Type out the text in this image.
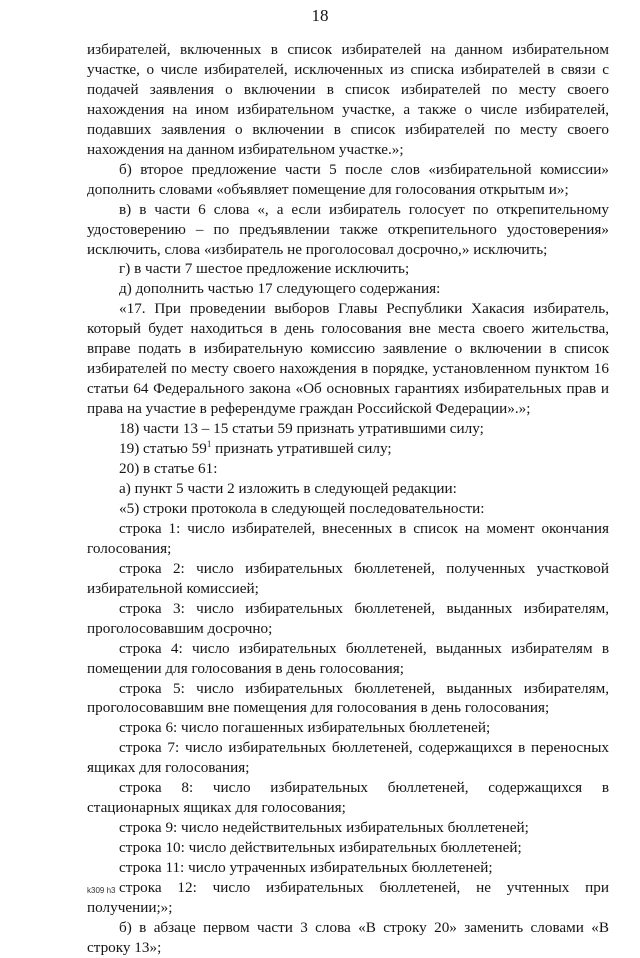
18

избирателей, включенных в список избирателей на данном избирательном участке, о числе избирателей, исключенных из списка избирателей в связи с подачей заявления о включении в список избирателей по месту своего нахождения на ином избирательном участке, а также о числе избирателей, подавших заявления о включении в список избирателей по месту своего нахождения на данном избирательном участке.»;

б) второе предложение части 5 после слов «избирательной комиссии» дополнить словами «объявляет помещение для голосования открытым и»;

в) в части 6 слова «, а если избиратель голосует по открепительному удостоверению – по предъявлении также открепительного удостоверения» исключить, слова «избиратель не проголосовал досрочно,» исключить;

г) в части 7 шестое предложение исключить;

д) дополнить частью 17 следующего содержания:

«17. При проведении выборов Главы Республики Хакасия избиратель, который будет находиться в день голосования вне места своего жительства, вправе подать в избирательную комиссию заявление о включении в список избирателей по месту своего нахождения в порядке, установленном пунктом 16 статьи 64 Федерального закона «Об основных гарантиях избирательных прав и права на участие в референдуме граждан Российской Федерации».»;

18) части 13 – 15 статьи 59 признать утратившими силу;

19) статью $59^1$ признать утратившей силу;

20) в статье 61:

а) пункт 5 части 2 изложить в следующей редакции:

«5) строки протокола в следующей последовательности:

строка 1: число избирателей, внесенных в список на момент окончания голосования;

строка 2: число избирательных бюллетеней, полученных участковой избирательной комиссией;

строка 3: число избирательных бюллетеней, выданных избирателям, проголосовавшим досрочно;

строка 4: число избирательных бюллетеней, выданных избирателям в помещении для голосования в день голосования;

строка 5: число избирательных бюллетеней, выданных избирателям, проголосовавшим вне помещения для голосования в день голосования;

строка 6: число погашенных избирательных бюллетеней;

строка 7: число избирательных бюллетеней, содержащихся в переносных ящиках для голосования;

строка 8: число избирательных бюллетеней, содержащихся в стационарных ящиках для голосования;

строка 9: число недействительных избирательных бюллетеней;

строка 10: число действительных избирательных бюллетеней;

строка 11: число утраченных избирательных бюллетеней;

строка 12: число избирательных бюллетеней, не учтенных при получении;»;

б) в абзаце первом части 3 слова «В строку 20» заменить словами «В строку 13»;

k309 h3
